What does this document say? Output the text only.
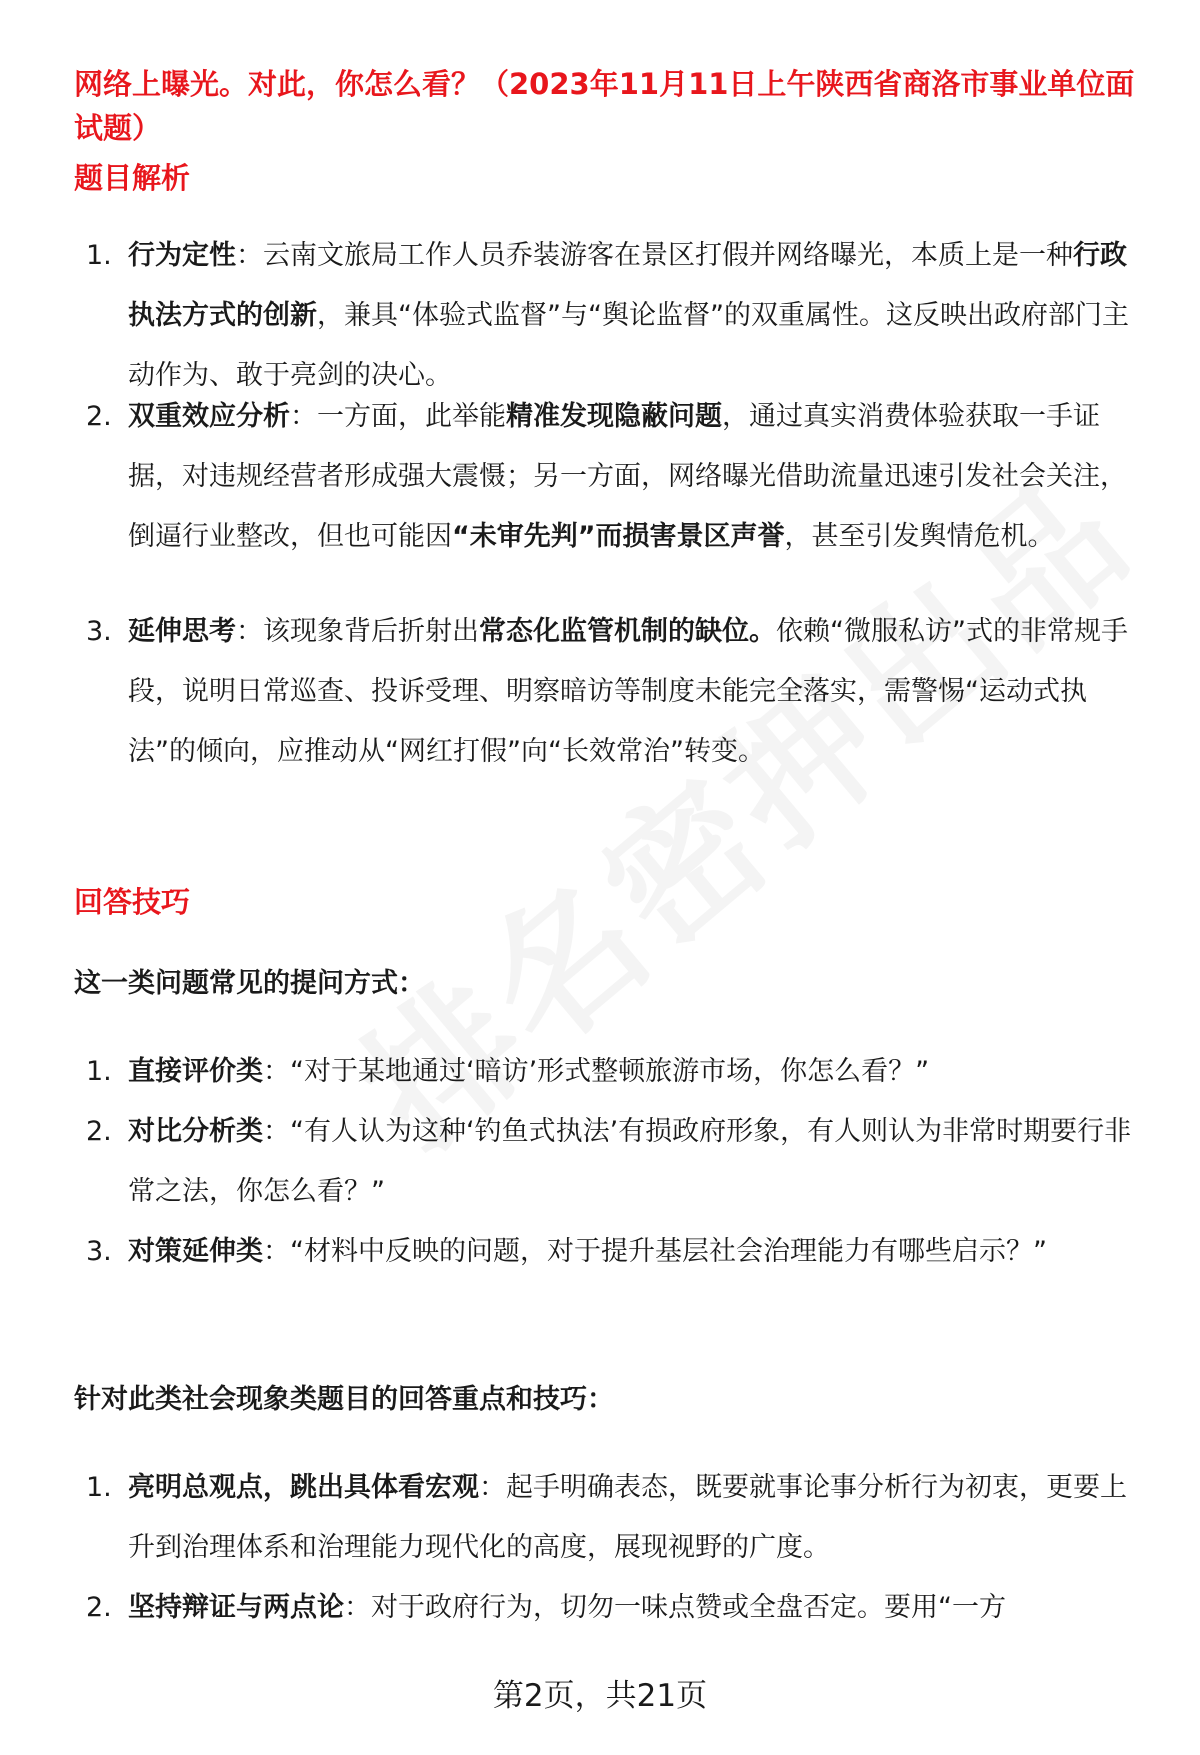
网络上曝光。对此，你怎么看？（2023年11月11日上午陕西省商洛市事业单位面试题）

题目解析

1. 行为定性：云南文旅局工作人员乔装游客在景区打假并网络曝光，本质上是一种行政执法方式的创新，兼具“体验式监督”与“舆论监督”的双重属性。这反映出政府部门主动作为、敢于亮剑的决心。
2. 双重效应分析：一方面，此举能精准发现隐蔽问题，通过真实消费体验获取一手证据，对违规经营者形成强大震慑；另一方面，网络曝光借助流量迅速引发社会关注，倒逼行业整改，但也可能因“未审先判”而损害景区声誉，甚至引发舆情危机。
3. 延伸思考：该现象背后折射出常态化监管机制的缺位。依赖“微服私访”式的非常规手段，说明日常巡查、投诉受理、明察暗访等制度未能完全落实，需警惕“运动式执法”的倾向，应推动从“网红打假”向“长效常治”转变。

回答技巧

这一类问题常见的提问方式：

1. 直接评价类：“对于某地通过‘暗访’形式整顿旅游市场，你怎么看？”
2. 对比分析类：“有人认为这种‘钓鱼式执法’有损政府形象，有人则认为非常时期要行非常之法，你怎么看？”
3. 对策延伸类：“材料中反映的问题，对于提升基层社会治理能力有哪些启示？”

针对此类社会现象类题目的回答重点和技巧：

1. 亮明总观点，跳出具体看宏观：起手明确表态，既要就事论事分析行为初衷，更要上升到治理体系和治理能力现代化的高度，展现视野的广度。
2. 坚持辩证与两点论：对于政府行为，切勿一味点赞或全盘否定。要用“一方
第2页，共21页
